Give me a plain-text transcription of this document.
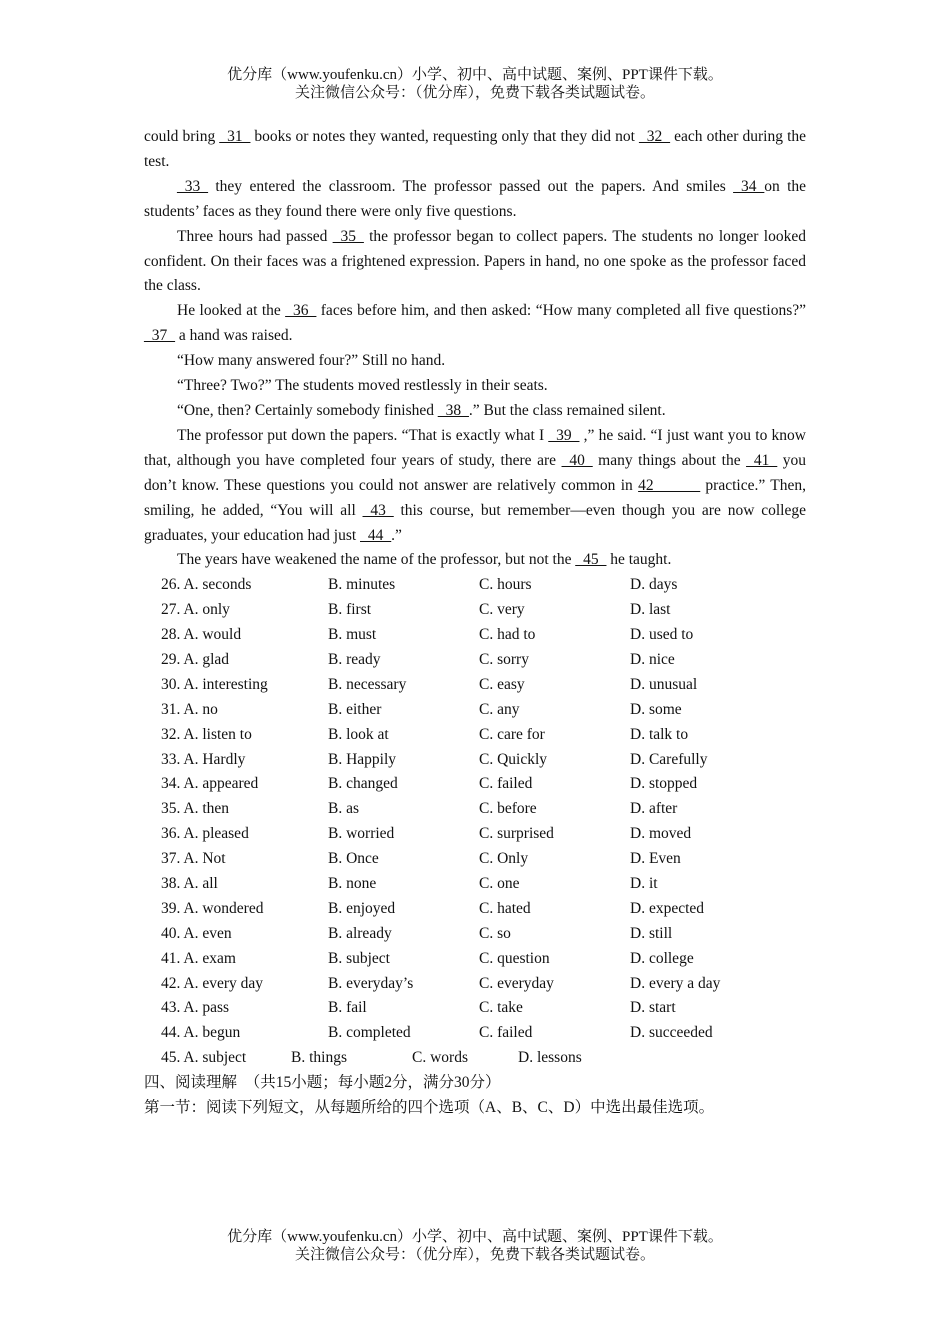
优分库（www.youfenku.cn）小学、初中、高中试题、案例、PPT课件下载。
关注微信公众号：（优分库），免费下载各类试题试卷。

could bring _31_ books or notes they wanted, requesting only that they did not _32_ each other during the test.

_33_ they entered the classroom. The professor passed out the papers. And smiles _34_on the students’ faces as they found there were only five questions.

Three hours had passed _35_ the professor began to collect papers. The students no longer looked confident. On their faces was a frightened expression. Papers in hand, no one spoke as the professor faced the class.

He looked at the _36_ faces before him, and then asked: “How many completed all five questions?” _37_ a hand was raised.

“How many answered four?” Still no hand.

“Three? Two?” The students moved restlessly in their seats.

“One, then? Certainly somebody finished _38_.” But the class remained silent.

The professor put down the papers. “That is exactly what I _39_ ,” he said. “I just want you to know that, although you have completed four years of study, there are _40_ many things about the _41_ you don’t know. These questions you could not answer are relatively common in 42______ practice.” Then, smiling, he added, “You will all _43_ this course, but remember—even though you are now college graduates, your education had just _44_.”

The years have weakened the name of the professor, but not the _45_ he taught.

26. A. seconds	B. minutes	C. hours	D. days
27. A. only	B. first	C. very	D. last
28. A. would	B. must	C. had to	D. used to
29. A. glad	B. ready	C. sorry	D. nice
30. A. interesting	B. necessary	C. easy	D. unusual
31. A. no	B. either	C. any	D. some
32. A. listen to	B. look at	C. care for	D. talk to
33. A. Hardly	B. Happily	C. Quickly	D. Carefully
34. A. appeared	B. changed	C. failed	D. stopped
35. A. then	B. as	C. before	D. after
36. A. pleased	B. worried	C. surprised	D. moved
37. A. Not	B. Once	C. Only	D. Even
38. A. all	B. none	C. one	D. it
39. A. wondered	B. enjoyed	C. hated	D. expected
40. A. even	B. already	C. so	D. still
41. A. exam	B. subject	C. question	D. college
42. A. every day	B. everyday’s	C. everyday	D. every a day
43. A. pass	B. fail	C. take	D. start
44. A. begun	B. completed	C. failed	D. succeeded
45. A. subject	B. things	C. words	D. lessons
四、阅读理解　（共15小题；每小题2分，满分30分）
第一节：阅读下列短文，从每题所给的四个选项（A、B、C、D）中选出最佳选项。
优分库（www.youfenku.cn）小学、初中、高中试题、案例、PPT课件下载。
关注微信公众号：（优分库），免费下载各类试题试卷。
